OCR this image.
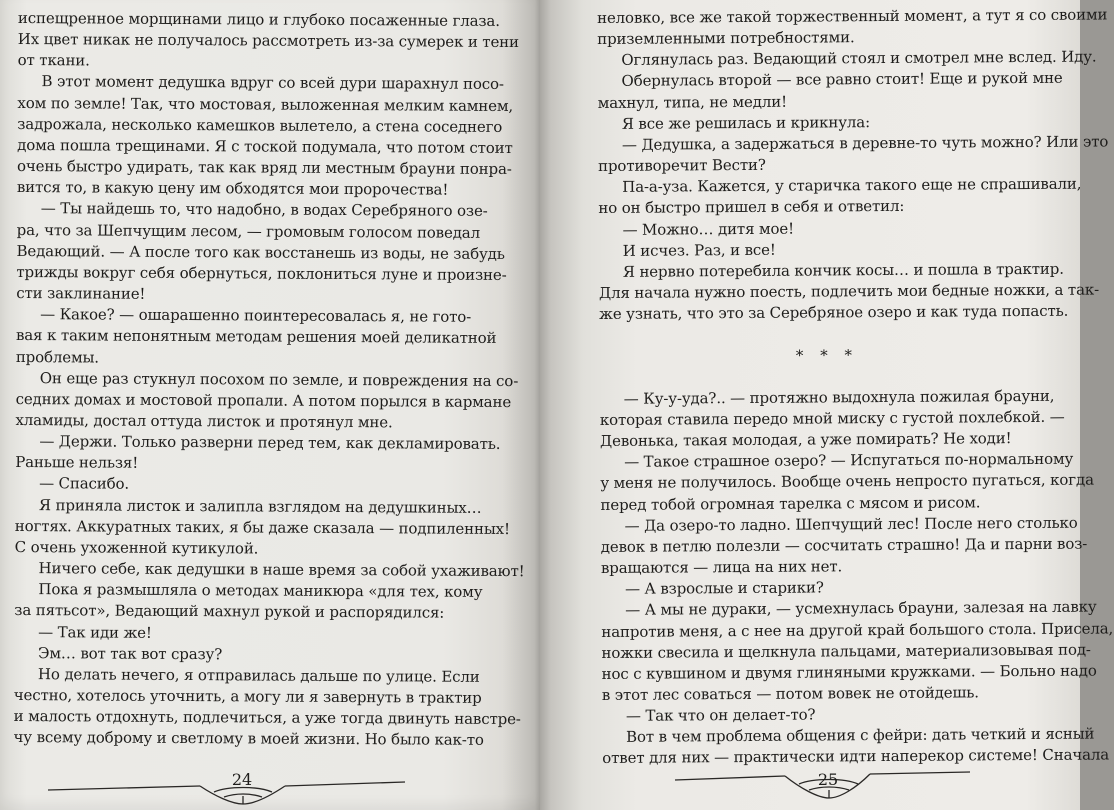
испещренное морщинами лицо и глубоко посаженные глаза.
Их цвет никак не получалось рассмотреть из-за сумерек и тени
от ткани.
В этот момент дедушка вдруг со всей дури шарахнул посо-
хом по земле! Так, что мостовая, выложенная мелким камнем,
задрожала, несколько камешков вылетело, а стена соседнего
дома пошла трещинами. Я с тоской подумала, что потом стоит
очень быстро удирать, так как вряд ли местным брауни понра-
вится то, в какую цену им обходятся мои пророчества!
— Ты найдешь то, что надобно, в водах Серебряного озе-
ра, что за Шепчущим лесом, — громовым голосом поведал
Ведающий. — А после того как восстанешь из воды, не забудь
трижды вокруг себя обернуться, поклониться луне и произне-
сти заклинание!
— Какое? — ошарашенно поинтересовалась я, не гото-
вая к таким непонятным методам решения моей деликатной
проблемы.
Он еще раз стукнул посохом по земле, и повреждения на со-
седних домах и мостовой пропали. А потом порылся в кармане
хламиды, достал оттуда листок и протянул мне.
— Держи. Только разверни перед тем, как декламировать.
Раньше нельзя!
— Спасибо.
Я приняла листок и залипла взглядом на дедушкиных…
ногтях. Аккуратных таких, я бы даже сказала — подпиленных!
С очень ухоженной кутикулой.
Ничего себе, как дедушки в наше время за собой ухаживают!
Пока я размышляла о методах маникюра «для тех, кому
за пятьсот», Ведающий махнул рукой и распорядился:
— Так иди же!
Эм… вот так вот сразу?
Но делать нечего, я отправилась дальше по улице. Если
честно, хотелось уточнить, а могу ли я завернуть в трактир
и малость отдохнуть, подлечиться, а уже тогда двинуть навстре-
чу всему доброму и светлому в моей жизни. Но было как-то
24
неловко, все же такой торжественный момент, а тут я со своими
приземленными потребностями.
Оглянулась раз. Ведающий стоял и смотрел мне вслед. Иду.
Обернулась второй — все равно стоит! Еще и рукой мне
махнул, типа, не медли!
Я все же решилась и крикнула:
— Дедушка, а задержаться в деревне-то чуть можно? Или это
противоречит Вести?
Па-а-уза. Кажется, у старичка такого еще не спрашивали,
но он быстро пришел в себя и ответил:
— Можно… дитя мое!
И исчез. Раз, и все!
Я нервно потеребила кончик косы… и пошла в трактир.
Для начала нужно поесть, подлечить мои бедные ножки, а так-
же узнать, что это за Серебряное озеро и как туда попасть.

* * *

— Ку-у-уда?.. — протяжно выдохнула пожилая брауни,
которая ставила передо мной миску с густой похлебкой. —
Девонька, такая молодая, а уже помирать? Не ходи!
— Такое страшное озеро? — Испугаться по-нормальному
у меня не получилось. Вообще очень непросто пугаться, когда
перед тобой огромная тарелка с мясом и рисом.
— Да озеро-то ладно. Шепчущий лес! После него столько
девок в петлю полезли — сосчитать страшно! Да и парни воз-
вращаются — лица на них нет.
— А взрослые и старики?
— А мы не дураки, — усмехнулась брауни, залезая на лавку
напротив меня, а с нее на другой край большого стола. Присела,
ножки свесила и щелкнула пальцами, материализовывая под-
нос с кувшином и двумя глиняными кружками. — Больно надо
в этот лес соваться — потом вовек не отойдешь.
— Так что он делает-то?
Вот в чем проблема общения с фейри: дать четкий и ясный
ответ для них — практически идти наперекор системе! Сначала
25
